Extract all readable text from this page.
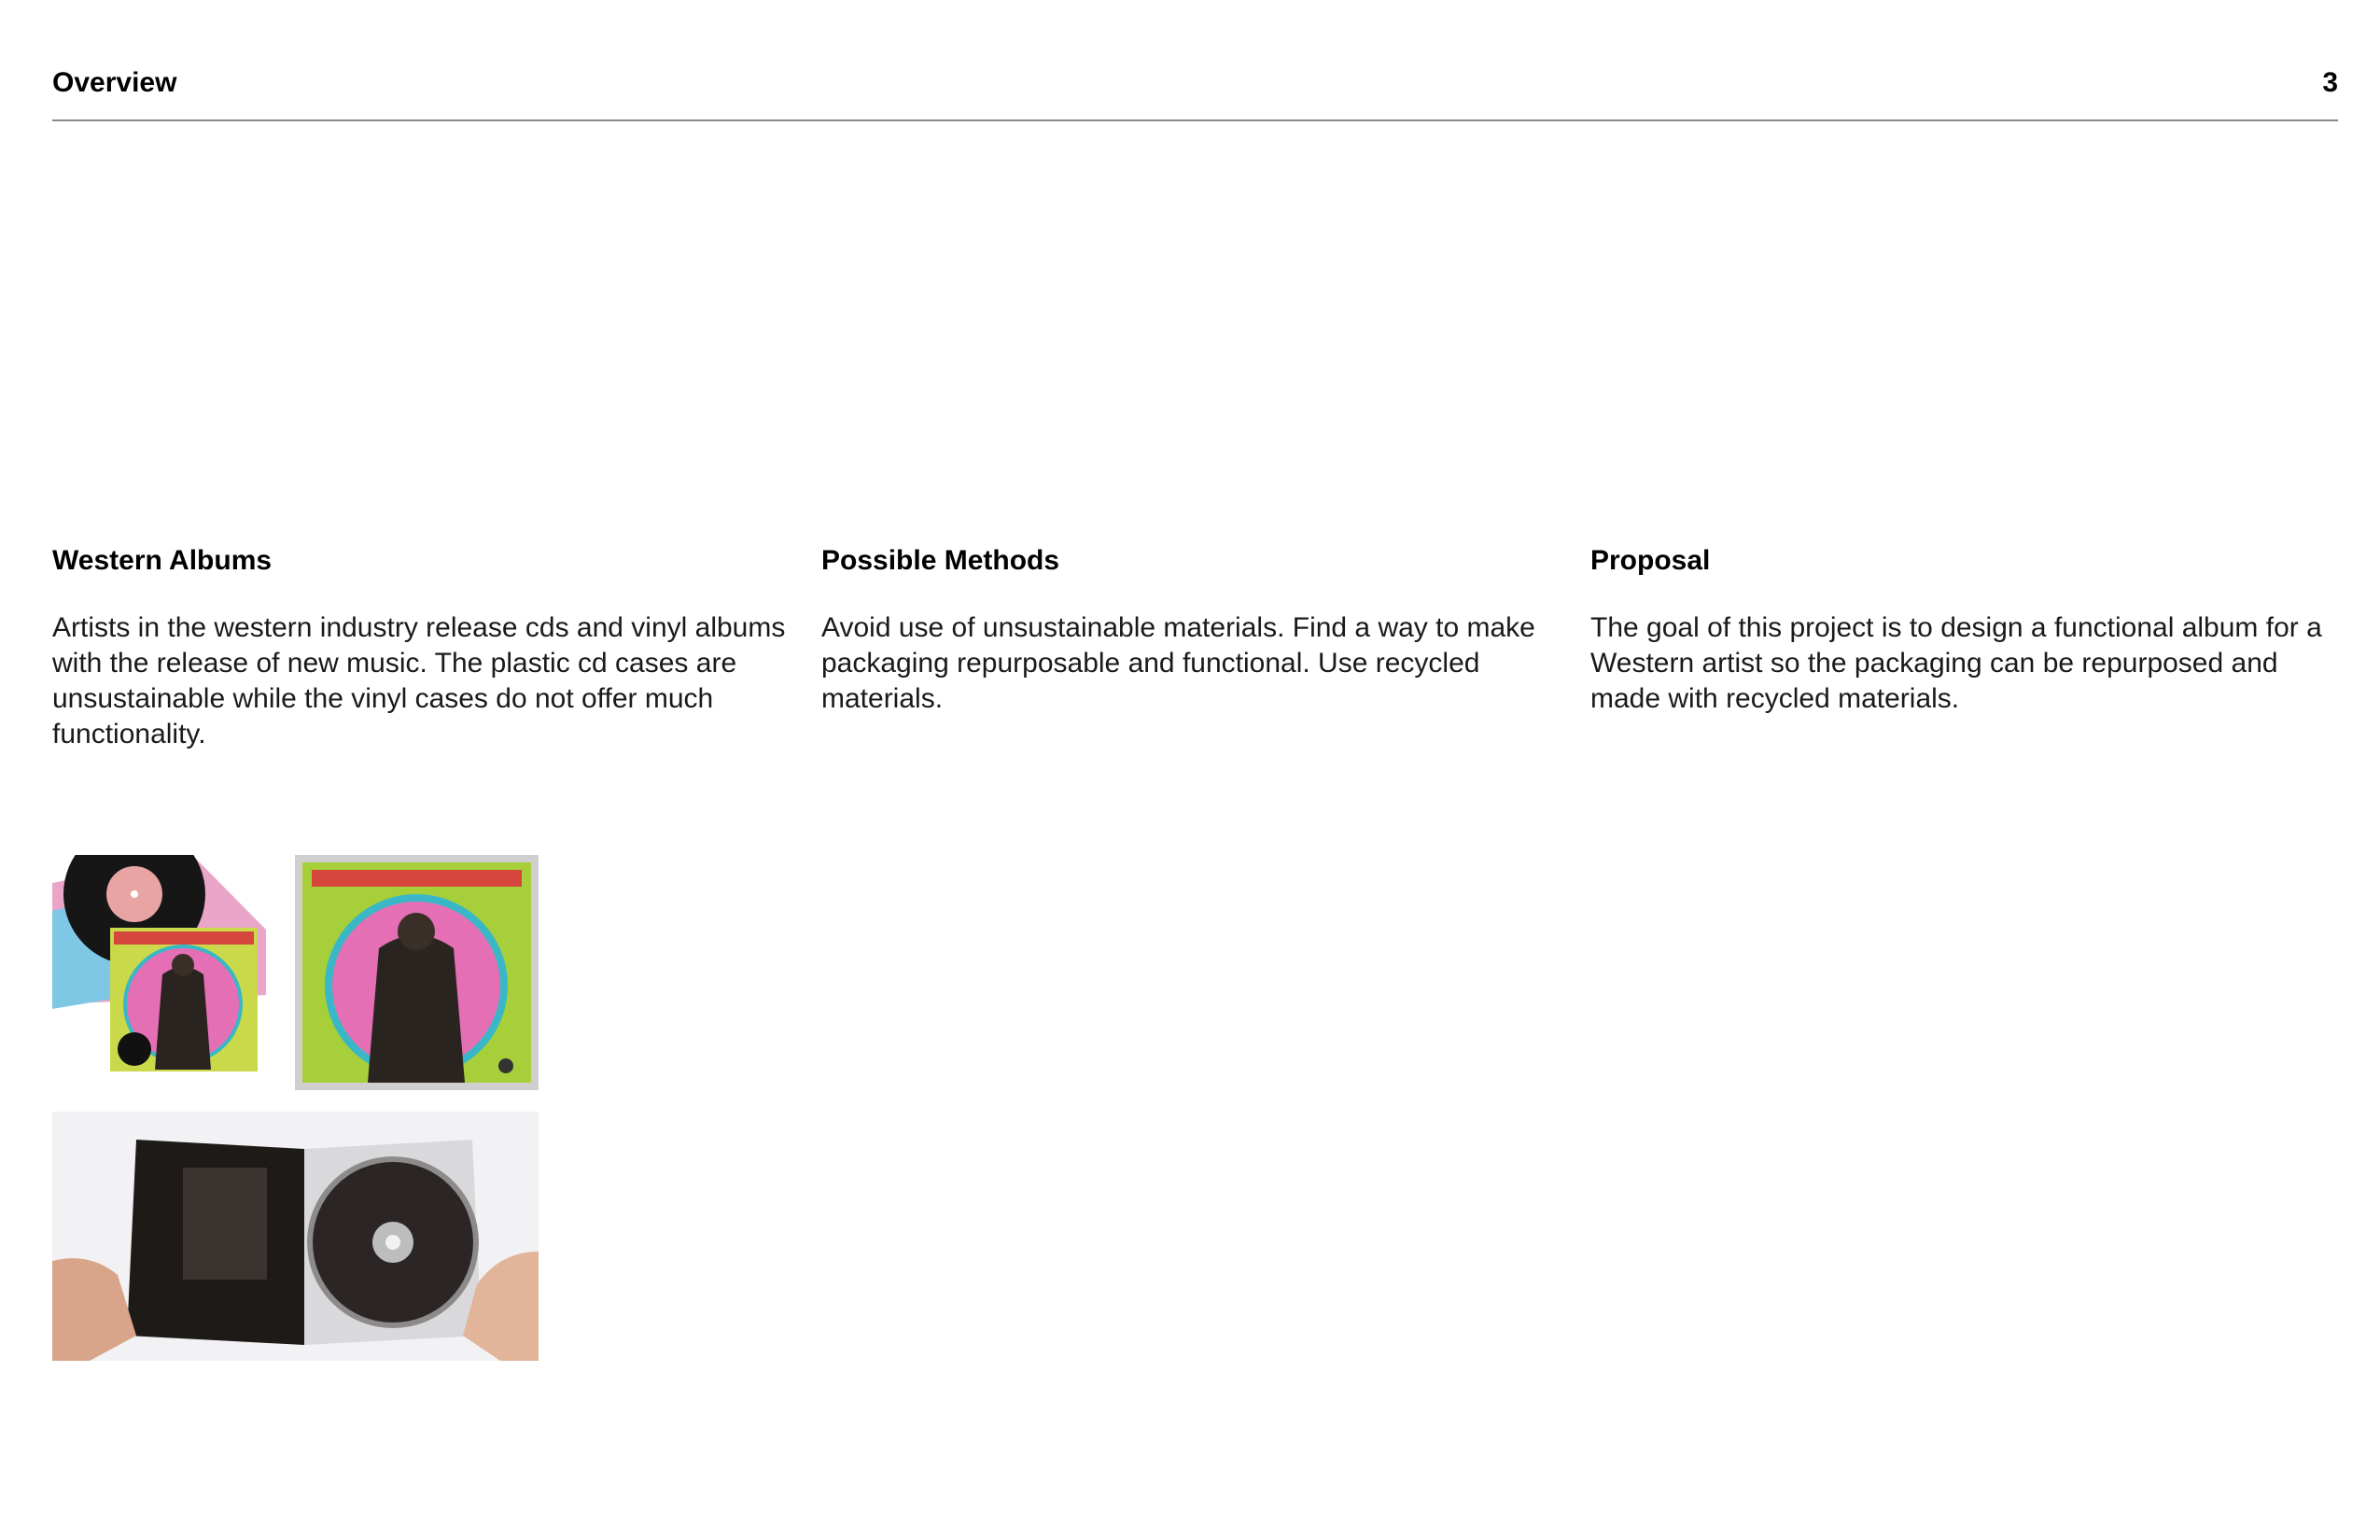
Overview	3
Western Albums

Artists in the western industry release cds and vinyl albums with the release of new music. The plastic cd cases are unsustainable while the vinyl cases do not offer much functionality.

Possible Methods

Avoid use of unsustainable materials. Find a way to make packaging repurposable and functional. Use recycled materials.

Proposal

The goal of this project is to design a functional album for a Western artist so the packaging can be repurposed and made with recycled materials.
